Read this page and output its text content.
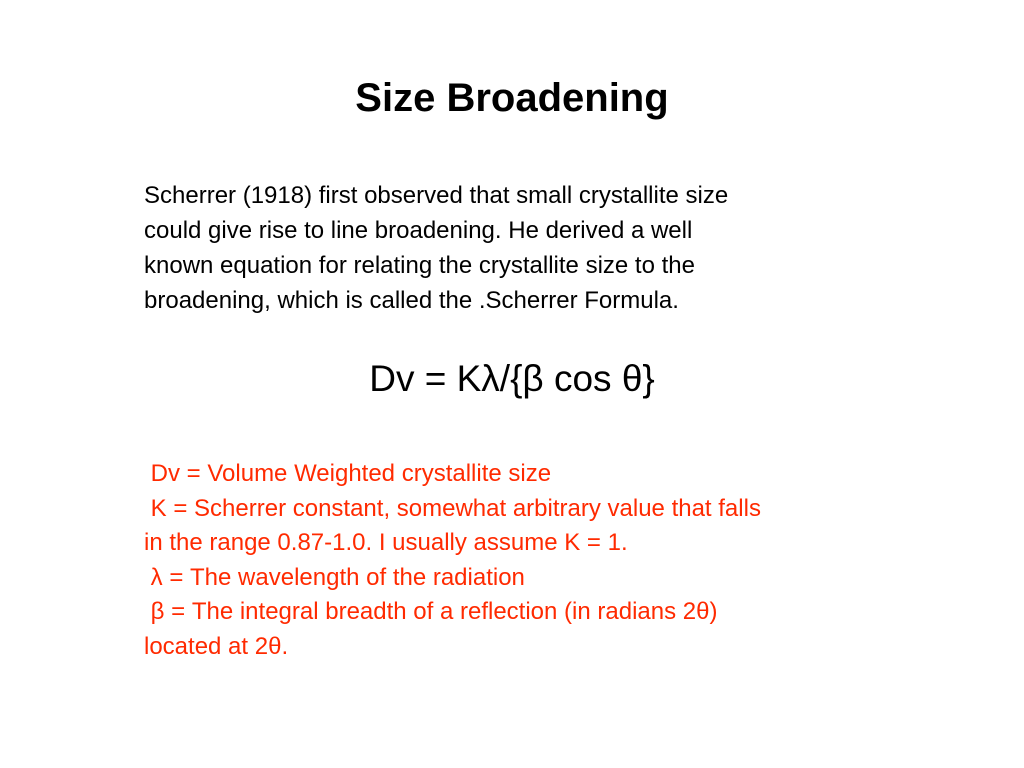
Size Broadening
Scherrer (1918) first observed that small crystallite size
could give rise to line broadening. He derived a well
known equation for relating the crystallite size to the
broadening, which is called the .Scherrer Formula.
Dv = Kλ/{β cos θ}
Dv = Volume Weighted crystallite size
K = Scherrer constant, somewhat arbitrary value that falls
in the range 0.87-1.0. I usually assume K = 1.
λ = The wavelength of the radiation
β = The integral breadth of a reflection (in radians 2θ)
located at 2θ.
